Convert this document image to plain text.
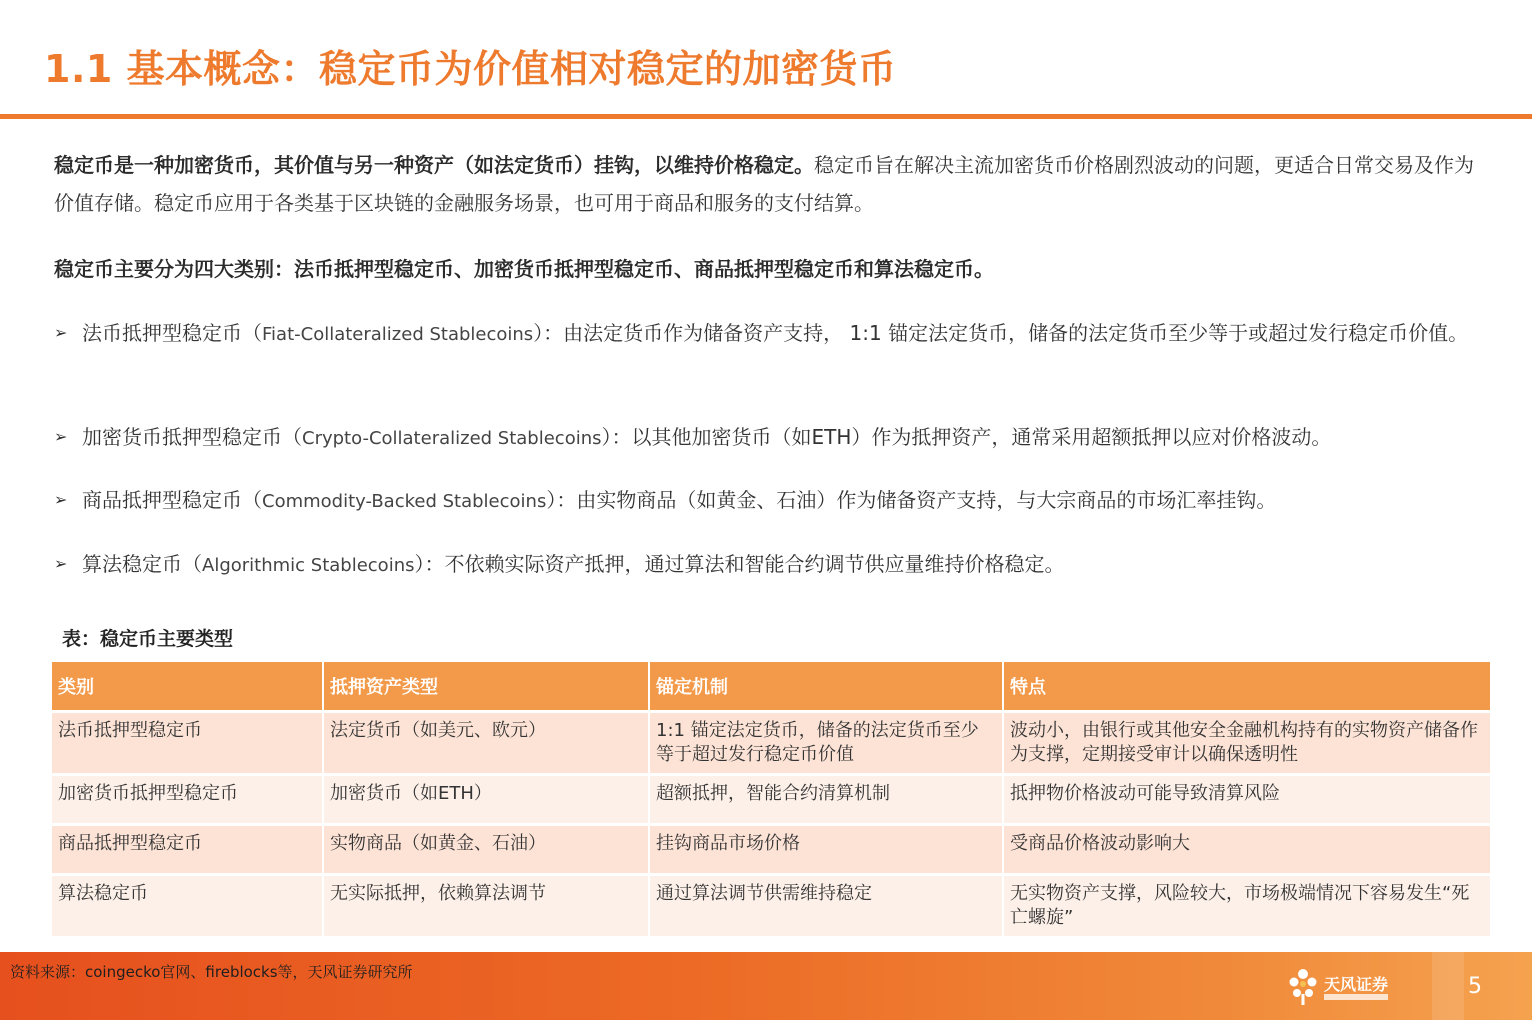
1.1 基本概念：稳定币为价值相对稳定的加密货币
稳定币是一种加密货币，其价值与另一种资产（如法定货币）挂钩，以维持价格稳定。稳定币旨在解决主流加密货币价格剧烈波动的问题，更适合日常交易及作为价值存储。稳定币应用于各类基于区块链的金融服务场景，也可用于商品和服务的支付结算。
稳定币主要分为四大类别：法币抵押型稳定币、加密货币抵押型稳定币、商品抵押型稳定币和算法稳定币。
➢ 法币抵押型稳定币（Fiat-Collateralized Stablecoins）：由法定货币作为储备资产支持， 1:1 锚定法定货币，储备的法定货币至少等于或超过发行稳定币价值。
➢ 加密货币抵押型稳定币（Crypto-Collateralized Stablecoins）：以其他加密货币（如ETH）作为抵押资产，通常采用超额抵押以应对价格波动。
➢ 商品抵押型稳定币（Commodity-Backed Stablecoins）：由实物商品（如黄金、石油）作为储备资产支持，与大宗商品的市场汇率挂钩。
➢ 算法稳定币（Algorithmic Stablecoins）：不依赖实际资产抵押，通过算法和智能合约调节供应量维持价格稳定。
表：稳定币主要类型
类别	抵押资产类型	锚定机制	特点
法币抵押型稳定币	法定货币（如美元、欧元）	1:1 锚定法定货币，储备的法定货币至少等于超过发行稳定币价值	波动小，由银行或其他安全金融机构持有的实物资产储备作为支撑，定期接受审计以确保透明性
加密货币抵押型稳定币	加密货币（如ETH）	超额抵押，智能合约清算机制	抵押物价格波动可能导致清算风险
商品抵押型稳定币	实物商品（如黄金、石油）	挂钩商品市场价格	受商品价格波动影响大
算法稳定币	无实际抵押，依赖算法调节	通过算法调节供需维持稳定	无实物资产支撑，风险较大，市场极端情况下容易发生“死亡螺旋”
资料来源：coingecko官网、fireblocks等，天风证券研究所
天风证券	5
